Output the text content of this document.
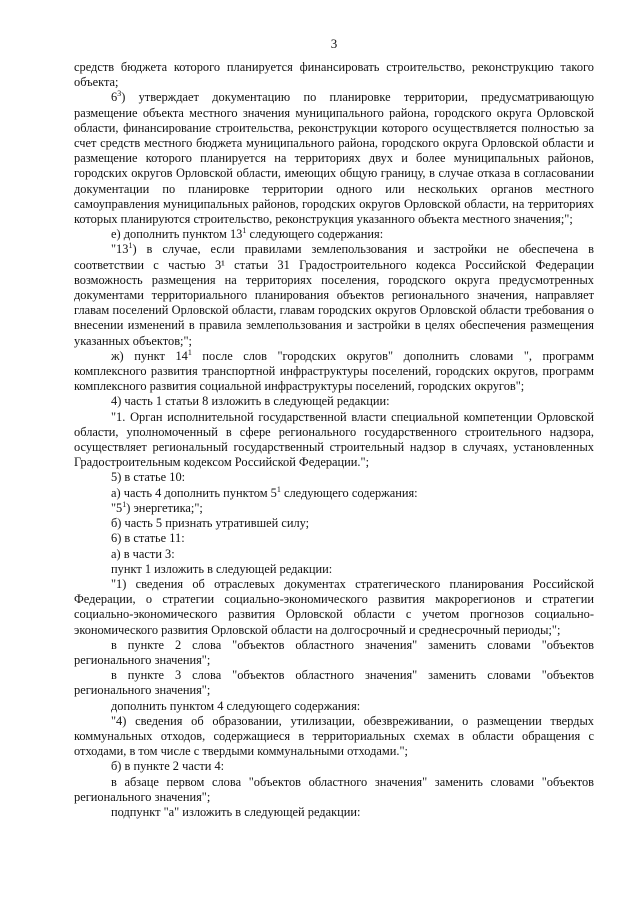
3

средств бюджета которого планируется финансировать строительство, реконструкцию такого объекта;

$6^3$) утверждает документацию по планировке территории, предусматривающую размещение объекта местного значения муниципального района, городского округа Орловской области, финансирование строительства, реконструкции которого осуществляется полностью за счет средств местного бюджета муниципального района, городского округа Орловской области и размещение которого планируется на территориях двух и более муниципальных районов, городских округов Орловской области, имеющих общую границу, в случае отказа в согласовании документации по планировке территории одного или нескольких органов местного самоуправления муниципальных районов, городских округов Орловской области, на территориях которых планируются строительство, реконструкция указанного объекта местного значения;";

е) дополнить пунктом $13^1$ следующего содержания:

"$13^1$) в случае, если правилами землепользования и застройки не обеспечена в соответствии с частью 3¹ статьи 31 Градостроительного кодекса Российской Федерации возможность размещения на территориях поселения, городского округа предусмотренных документами территориального планирования объектов регионального значения, направляет главам поселений Орловской области, главам городских округов Орловской области требования о внесении изменений в правила землепользования и застройки в целях обеспечения размещения указанных объектов;";

ж) пункт $14^1$ после слов "городских округов" дополнить словами ", программ комплексного развития транспортной инфраструктуры поселений, городских округов, программ комплексного развития социальной инфраструктуры поселений, городских округов";

4) часть 1 статьи 8 изложить в следующей редакции:

"1. Орган исполнительной государственной власти специальной компетенции Орловской области, уполномоченный в сфере регионального государственного строительного надзора, осуществляет региональный государственный строительный надзор в случаях, установленных Градостроительным кодексом Российской Федерации.";

5) в статье 10:

а) часть 4 дополнить пунктом $5^1$ следующего содержания:

"$5^1$) энергетика;";

б) часть 5 признать утратившей силу;

6) в статье 11:

а) в части 3:

пункт 1 изложить в следующей редакции:

"1) сведения об отраслевых документах стратегического планирования Российской Федерации, о стратегии социально-экономического развития макрорегионов и стратегии социально-экономического развития Орловской области с учетом прогнозов социально-экономического развития Орловской области на долгосрочный и среднесрочный периоды;";

в пункте 2 слова "объектов областного значения" заменить словами "объектов регионального значения";

в пункте 3 слова "объектов областного значения" заменить словами "объектов регионального значения";

дополнить пунктом 4 следующего содержания:

"4) сведения об образовании, утилизации, обезвреживании, о размещении твердых коммунальных отходов, содержащиеся в территориальных схемах в области обращения с отходами, в том числе с твердыми коммунальными отходами.";

б) в пункте 2 части 4:

в абзаце первом слова "объектов областного значения" заменить словами "объектов регионального значения";

подпункт "а" изложить в следующей редакции:
